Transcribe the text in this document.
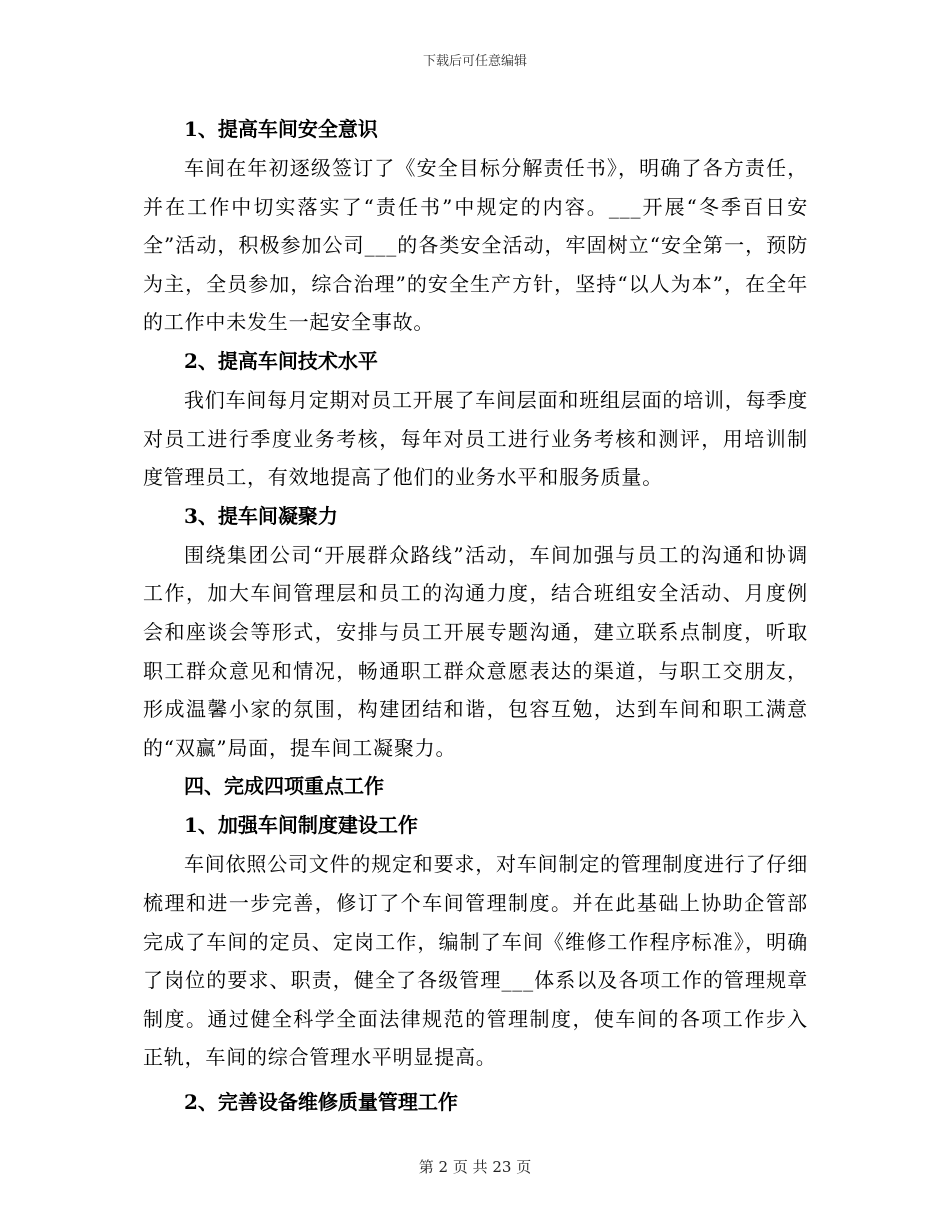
下载后可任意编辑

1、提高车间安全意识

车间在年初逐级签订了《安全目标分解责任书》，明确了各方责任，并在工作中切实落实了“责任书”中规定的内容。___开展“冬季百日安全”活动，积极参加公司___的各类安全活动，牢固树立“安全第一，预防为主，全员参加，综合治理”的安全生产方针，坚持“以人为本”，在全年的工作中未发生一起安全事故。

2、提高车间技术水平

我们车间每月定期对员工开展了车间层面和班组层面的培训，每季度对员工进行季度业务考核，每年对员工进行业务考核和测评，用培训制度管理员工，有效地提高了他们的业务水平和服务质量。

3、提车间凝聚力

围绕集团公司“开展群众路线”活动，车间加强与员工的沟通和协调工作，加大车间管理层和员工的沟通力度，结合班组安全活动、月度例会和座谈会等形式，安排与员工开展专题沟通，建立联系点制度，听取职工群众意见和情况，畅通职工群众意愿表达的渠道，与职工交朋友，形成温馨小家的氛围，构建团结和谐，包容互勉，达到车间和职工满意的“双赢”局面，提车间工凝聚力。

四、完成四项重点工作

1、加强车间制度建设工作

车间依照公司文件的规定和要求，对车间制定的管理制度进行了仔细梳理和进一步完善，修订了个车间管理制度。并在此基础上协助企管部完成了车间的定员、定岗工作，编制了车间《维修工作程序标准》，明确了岗位的要求、职责，健全了各级管理___体系以及各项工作的管理规章制度。通过健全科学全面法律规范的管理制度，使车间的各项工作步入正轨，车间的综合管理水平明显提高。

2、完善设备维修质量管理工作

第 2 页 共 23 页
